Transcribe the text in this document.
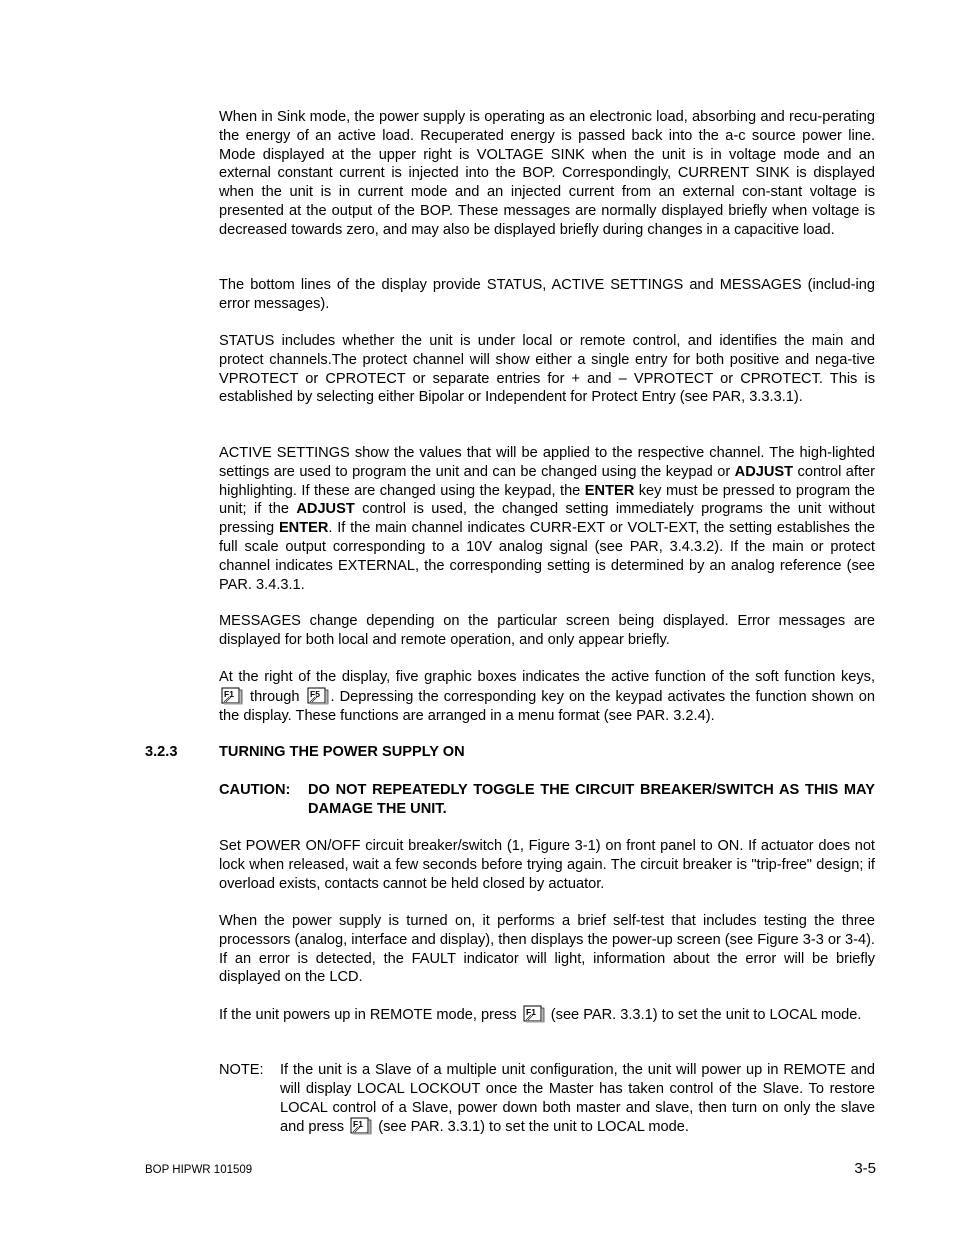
When in Sink mode, the power supply is operating as an electronic load, absorbing and recu-perating the energy of an active load. Recuperated energy is passed back into the a-c source power line. Mode displayed at the upper right is VOLTAGE SINK when the unit is in voltage mode and an external constant current is injected into the BOP. Correspondingly, CURRENT SINK is displayed when the unit is in current mode and an injected current from an external con-stant voltage is presented at the output of the BOP. These messages are normally displayed briefly when voltage is decreased towards zero, and may also be displayed briefly during changes in a capacitive load.

The bottom lines of the display provide STATUS, ACTIVE SETTINGS and MESSAGES (includ-ing error messages).

STATUS includes whether the unit is under local or remote control, and identifies the main and protect channels.The protect channel will show either a single entry for both positive and nega-tive VPROTECT or CPROTECT or separate entries for + and – VPROTECT or CPROTECT. This is established by selecting either Bipolar or Independent for Protect Entry (see PAR, 3.3.3.1).

ACTIVE SETTINGS show the values that will be applied to the respective channel. The high-lighted settings are used to program the unit and can be changed using the keypad or ADJUST control after highlighting. If these are changed using the keypad, the ENTER key must be pressed to program the unit; if the ADJUST control is used, the changed setting immediately programs the unit without pressing ENTER. If the main channel indicates CURR-EXT or VOLT-EXT, the setting establishes the full scale output corresponding to a 10V analog signal (see PAR, 3.4.3.2). If the main or protect channel indicates EXTERNAL, the corresponding setting is determined by an analog reference (see PAR. 3.4.3.1.

MESSAGES change depending on the particular screen being displayed. Error messages are displayed for both local and remote operation, and only appear briefly.

At the right of the display, five graphic boxes indicates the active function of the soft function keys,
F1 through F5 . Depressing the corresponding key on the keypad activates the function shown on the display. These functions are arranged in a menu format (see PAR. 3.2.4).

3.2.3	TURNING THE POWER SUPPLY ON
CAUTION:	DO NOT REPEATEDLY TOGGLE THE CIRCUIT BREAKER/SWITCH AS THIS MAY DAMAGE THE UNIT.

Set POWER ON/OFF circuit breaker/switch (1, Figure 3-1) on front panel to ON. If actuator does not lock when released, wait a few seconds before trying again. The circuit breaker is "trip-free" design; if overload exists, contacts cannot be held closed by actuator.

When the power supply is turned on, it performs a brief self-test that includes testing the three processors (analog, interface and display), then displays the power-up screen (see Figure 3-3 or 3-4). If an error is detected, the FAULT indicator will light, information about the error will be briefly displayed on the LCD.

If the unit powers up in REMOTE mode, press F1 (see PAR. 3.3.1) to set the unit to LOCAL mode.

NOTE:	If the unit is a Slave of a multiple unit configuration, the unit will power up in REMOTE and will display LOCAL LOCKOUT once the Master has taken control of the Slave. To restore LOCAL control of a Slave, power down both master and slave, then turn on only the slave and press F1 (see PAR. 3.3.1) to set the unit to LOCAL mode.
BOP HIPWR 101509	3-5
